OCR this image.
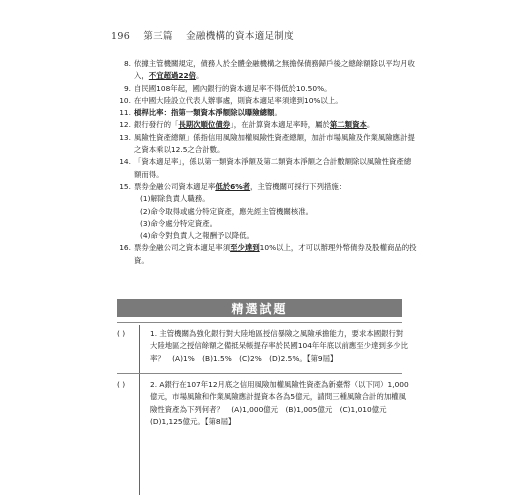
196 第三篇 金融機構的資本適足制度
8. 依據主管機關規定，債務人於全體金融機構之無擔保債務歸戶後之總餘額除以平均月收入，不宜超過22倍。
9. 自民國108年起，國內銀行的資本適足率不得低於10.50%。
10. 在中國大陸設立代表人辦事處，則資本適足率須達到10%以上。
11. 槓桿比率：指第一類資本淨額除以曝險總額。
12. 銀行發行的「長期次順位債券」，在計算資本適足率時，屬於第二類資本。
13. 風險性資產總額」係指信用風險加權風險性資產總額，加計市場風險及作業風險應計提之資本乘以12.5之合計數。
14. 「資本適足率」，係以第一類資本淨額及第二類資本淨額之合計數額除以風險性資產總額而得。
15. 票券金融公司資本適足率低於6%者，主管機關可採行下列措施：
(1)解除負責人職務。
(2)命令取得或處分特定資產，應先經主管機關核准。
(3)命令處分特定資產。
(4)命令對負責人之報酬予以降低。
16. 票券金融公司之資本適足率須至少達到10%以上，才可以辦理外幣債券及股權商品的投資。
精選試題
( )	1. 主管機關為強化銀行對大陸地區授信暴險之風險承擔能力，要求本國銀行對大陸地區之授信餘額之備抵呆帳提存率於民國104年年底以前應至少達到多少比率？　(A)1%　(B)1.5%　(C)2%　(D)2.5%。【第9屆】
( )	2. A銀行在107年12月底之信用風險加權風險性資產為新臺幣（以下同）1,000億元，市場風險和作業風險應計提資本各為5億元，請問三種風險合計的加權風險性資產為下列何者？　(A)1,000億元　(B)1,005億元　(C)1,010億元　(D)1,125億元。【第8屆】
